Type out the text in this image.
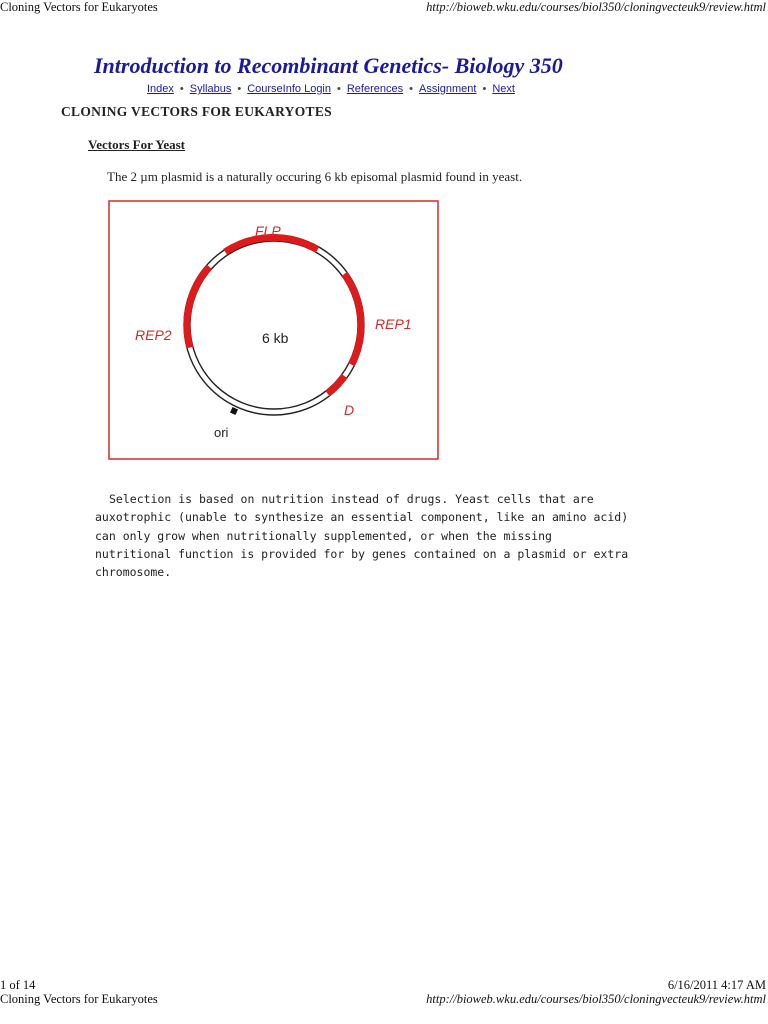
Cloning Vectors for Eukaryotes	http://bioweb.wku.edu/courses/biol350/cloningvecteuk9/review.html
Introduction to Recombinant Genetics- Biology 350
Index • Syllabus • CourseInfo Login • References • Assignment • Next
CLONING VECTORS FOR EUKARYOTES
Vectors For Yeast

The 2 µm plasmid is a naturally occuring 6 kb episomal plasmid found in yeast.

FLP
REP1
D
REP2	6 kb
ori

Selection is based on nutrition instead of drugs. Yeast cells that are auxotrophic (unable to synthesize an essential component, like an amino acid) can only grow when nutritionally supplemented, or when the missing nutritional function is provided for by genes contained on a plasmid or extra chromosome.

1 of 14	6/16/2011 4:17 AM
Cloning Vectors for Eukaryotes	http://bioweb.wku.edu/courses/biol350/cloningvecteuk9/review.html
